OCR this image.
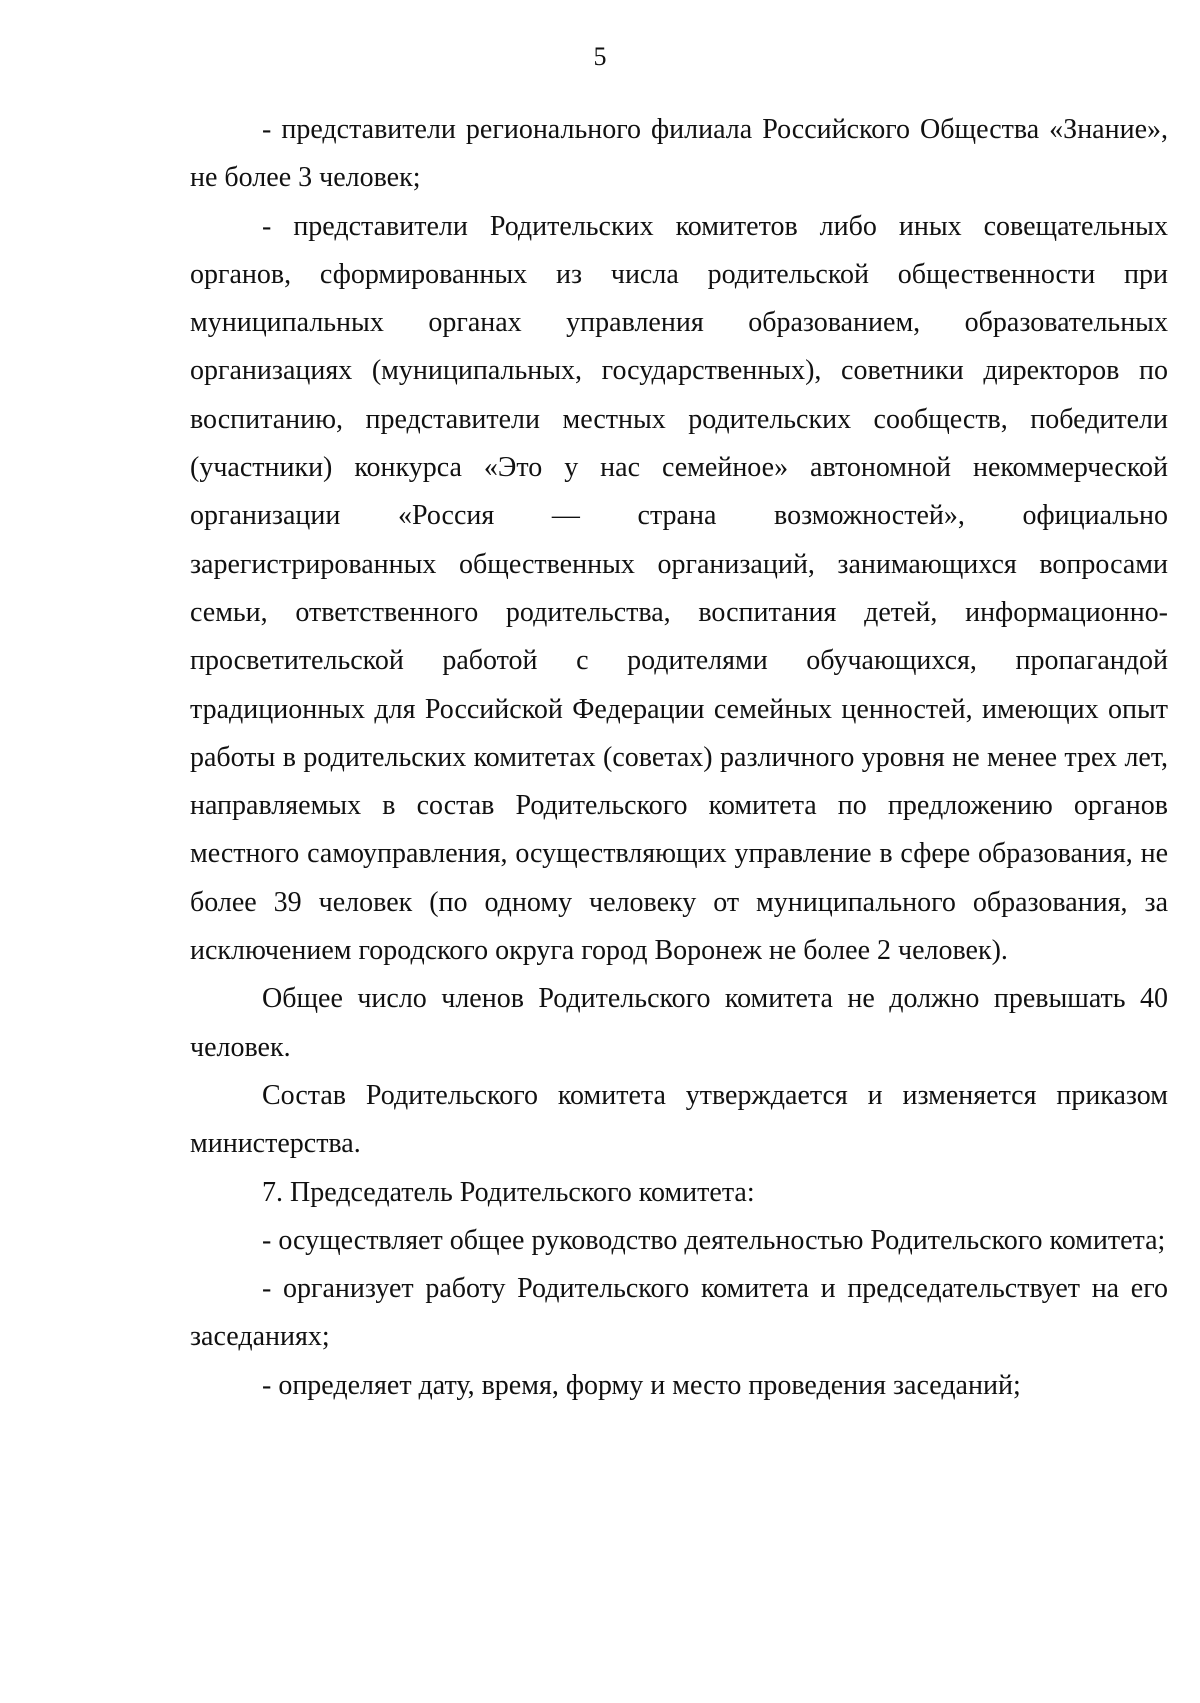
5

- представители регионального филиала Российского Общества «Знание», не более 3 человек;

- представители Родительских комитетов либо иных совещательных органов, сформированных из числа родительской общественности при муниципальных органах управления образованием, образовательных организациях (муниципальных, государственных), советники директоров по воспитанию, представители местных родительских сообществ, победители (участники) конкурса «Это у нас семейное» автономной некоммерческой организации «Россия — страна возможностей», официально зарегистрированных общественных организаций, занимающихся вопросами семьи, ответственного родительства, воспитания детей, информационно-просветительской работой с родителями обучающихся, пропагандой традиционных для Российской Федерации семейных ценностей, имеющих опыт работы в родительских комитетах (советах) различного уровня не менее трех лет, направляемых в состав Родительского комитета по предложению органов местного самоуправления, осуществляющих управление в сфере образования, не более 39 человек (по одному человеку от муниципального образования, за исключением городского округа город Воронеж не более 2 человек).

Общее число членов Родительского комитета не должно превышать 40 человек.

Состав Родительского комитета утверждается и изменяется приказом министерства.

7. Председатель Родительского комитета:

- осуществляет общее руководство деятельностью Родительского комитета;

- организует работу Родительского комитета и председательствует на его заседаниях;

- определяет дату, время, форму и место проведения заседаний;
